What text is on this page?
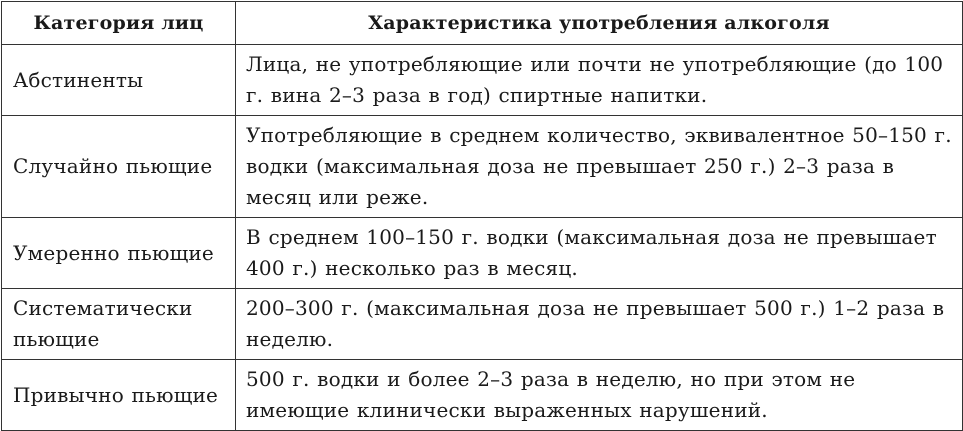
Категория лиц	Характеристика употребления алкоголя
Абстиненты	Лица, не употребляющие или почти не употребляющие (до 100 г. вина 2–3 раза в год) спиртные напитки.
Случайно пьющие	Употребляющие в среднем количество, эквивалентное 50–150 г. водки (максимальная доза не превышает 250 г.) 2–3 раза в месяц или реже.
Умеренно пьющие	В среднем 100–150 г. водки (максимальная доза не превышает 400 г.) несколько раз в месяц.
Систематически пьющие	200–300 г. (максимальная доза не превышает 500 г.) 1–2 раза в неделю.
Привычно пьющие	500 г. водки и более 2–3 раза в неделю, но при этом не имеющие клинически выраженных нарушений.
